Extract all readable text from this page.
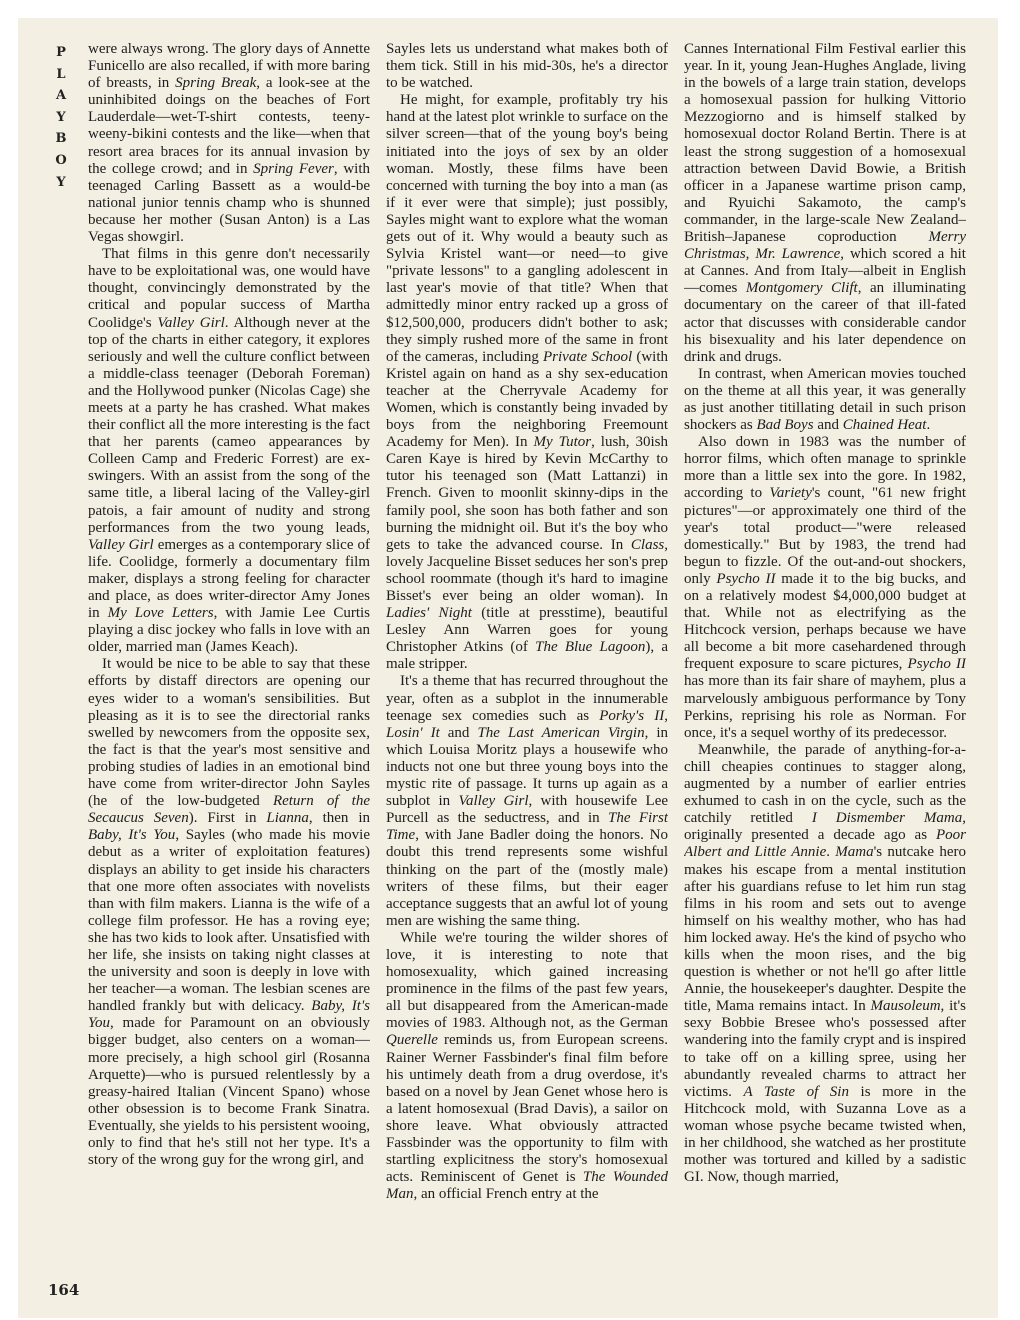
P
L
A
Y
B
O
Y
164

were always wrong. The glory days of Annette Funicello are also recalled, if with more baring of breasts, in Spring Break, a look-see at the uninhibited doings on the beaches of Fort Lauderdale—wet-T-shirt contests, teeny-weeny-bikini contests and the like—when that resort area braces for its annual invasion by the college crowd; and in Spring Fever, with teenaged Carling Bassett as a would-be national junior tennis champ who is shunned because her mother (Susan Anton) is a Las Vegas showgirl.

That films in this genre don't necessarily have to be exploitational was, one would have thought, convincingly demonstrated by the critical and popular success of Martha Coolidge's Valley Girl. Although never at the top of the charts in either category, it explores seriously and well the culture conflict between a middle-class teenager (Deborah Foreman) and the Hollywood punker (Nicolas Cage) she meets at a party he has crashed. What makes their conflict all the more interesting is the fact that her parents (cameo appearances by Colleen Camp and Frederic Forrest) are ex-swingers. With an assist from the song of the same title, a liberal lacing of the Valley-girl patois, a fair amount of nudity and strong performances from the two young leads, Valley Girl emerges as a contemporary slice of life. Coolidge, formerly a documentary film maker, displays a strong feeling for character and place, as does writer-director Amy Jones in My Love Letters, with Jamie Lee Curtis playing a disc jockey who falls in love with an older, married man (James Keach).

It would be nice to be able to say that these efforts by distaff directors are opening our eyes wider to a woman's sensibilities. But pleasing as it is to see the directorial ranks swelled by newcomers from the opposite sex, the fact is that the year's most sensitive and probing studies of ladies in an emotional bind have come from writer-director John Sayles (he of the low-budgeted Return of the Secaucus Seven). First in Lianna, then in Baby, It's You, Sayles (who made his movie debut as a writer of exploitation features) displays an ability to get inside his characters that one more often associates with novelists than with film makers. Lianna is the wife of a college film professor. He has a roving eye; she has two kids to look after. Unsatisfied with her life, she insists on taking night classes at the university and soon is deeply in love with her teacher—a woman. The lesbian scenes are handled frankly but with delicacy. Baby, It's You, made for Paramount on an obviously bigger budget, also centers on a woman—more precisely, a high school girl (Rosanna Arquette)—who is pursued relentlessly by a greasy-haired Italian (Vincent Spano) whose other obsession is to become Frank Sinatra. Eventually, she yields to his persistent wooing, only to find that he's still not her type. It's a story of the wrong guy for the wrong girl, and

Sayles lets us understand what makes both of them tick. Still in his mid-30s, he's a director to be watched.

He might, for example, profitably try his hand at the latest plot wrinkle to surface on the silver screen—that of the young boy's being initiated into the joys of sex by an older woman. Mostly, these films have been concerned with turning the boy into a man (as if it ever were that simple); just possibly, Sayles might want to explore what the woman gets out of it. Why would a beauty such as Sylvia Kristel want—or need—to give "private lessons" to a gangling adolescent in last year's movie of that title? When that admittedly minor entry racked up a gross of $12,500,000, producers didn't bother to ask; they simply rushed more of the same in front of the cameras, including Private School (with Kristel again on hand as a shy sex-education teacher at the Cherryvale Academy for Women, which is constantly being invaded by boys from the neighboring Freemount Academy for Men). In My Tutor, lush, 30ish Caren Kaye is hired by Kevin McCarthy to tutor his teenaged son (Matt Lattanzi) in French. Given to moonlit skinny-dips in the family pool, she soon has both father and son burning the midnight oil. But it's the boy who gets to take the advanced course. In Class, lovely Jacqueline Bisset seduces her son's prep school roommate (though it's hard to imagine Bisset's ever being an older woman). In Ladies' Night (title at presstime), beautiful Lesley Ann Warren goes for young Christopher Atkins (of The Blue Lagoon), a male stripper.

It's a theme that has recurred throughout the year, often as a subplot in the innumerable teenage sex comedies such as Porky's II, Losin' It and The Last American Virgin, in which Louisa Moritz plays a housewife who inducts not one but three young boys into the mystic rite of passage. It turns up again as a subplot in Valley Girl, with housewife Lee Purcell as the seductress, and in The First Time, with Jane Badler doing the honors. No doubt this trend represents some wishful thinking on the part of the (mostly male) writers of these films, but their eager acceptance suggests that an awful lot of young men are wishing the same thing.

While we're touring the wilder shores of love, it is interesting to note that homosexuality, which gained increasing prominence in the films of the past few years, all but disappeared from the American-made movies of 1983. Although not, as the German Querelle reminds us, from European screens. Rainer Werner Fassbinder's final film before his untimely death from a drug overdose, it's based on a novel by Jean Genet whose hero is a latent homosexual (Brad Davis), a sailor on shore leave. What obviously attracted Fassbinder was the opportunity to film with startling explicitness the story's homosexual acts. Reminiscent of Genet is The Wounded Man, an official French entry at the

Cannes International Film Festival earlier this year. In it, young Jean-Hughes Anglade, living in the bowels of a large train station, develops a homosexual passion for hulking Vittorio Mezzogiorno and is himself stalked by homosexual doctor Roland Bertin. There is at least the strong suggestion of a homosexual attraction between David Bowie, a British officer in a Japanese wartime prison camp, and Ryuichi Sakamoto, the camp's commander, in the large-scale New Zealand–British–Japanese coproduction Merry Christmas, Mr. Lawrence, which scored a hit at Cannes. And from Italy—albeit in English—comes Montgomery Clift, an illuminating documentary on the career of that ill-fated actor that discusses with considerable candor his bisexuality and his later dependence on drink and drugs.

In contrast, when American movies touched on the theme at all this year, it was generally as just another titillating detail in such prison shockers as Bad Boys and Chained Heat.

Also down in 1983 was the number of horror films, which often manage to sprinkle more than a little sex into the gore. In 1982, according to Variety's count, "61 new fright pictures"—or approximately one third of the year's total product—"were released domestically." But by 1983, the trend had begun to fizzle. Of the out-and-out shockers, only Psycho II made it to the big bucks, and on a relatively modest $4,000,000 budget at that. While not as electrifying as the Hitchcock version, perhaps because we have all become a bit more casehardened through frequent exposure to scare pictures, Psycho II has more than its fair share of mayhem, plus a marvelously ambiguous performance by Tony Perkins, reprising his role as Norman. For once, it's a sequel worthy of its predecessor.

Meanwhile, the parade of anything-for-a-chill cheapies continues to stagger along, augmented by a number of earlier entries exhumed to cash in on the cycle, such as the catchily retitled I Dismember Mama, originally presented a decade ago as Poor Albert and Little Annie. Mama's nutcake hero makes his escape from a mental institution after his guardians refuse to let him run stag films in his room and sets out to avenge himself on his wealthy mother, who has had him locked away. He's the kind of psycho who kills when the moon rises, and the big question is whether or not he'll go after little Annie, the housekeeper's daughter. Despite the title, Mama remains intact. In Mausoleum, it's sexy Bobbie Bresee who's possessed after wandering into the family crypt and is inspired to take off on a killing spree, using her abundantly revealed charms to attract her victims. A Taste of Sin is more in the Hitchcock mold, with Suzanna Love as a woman whose psyche became twisted when, in her childhood, she watched as her prostitute mother was tortured and killed by a sadistic GI. Now, though married,
